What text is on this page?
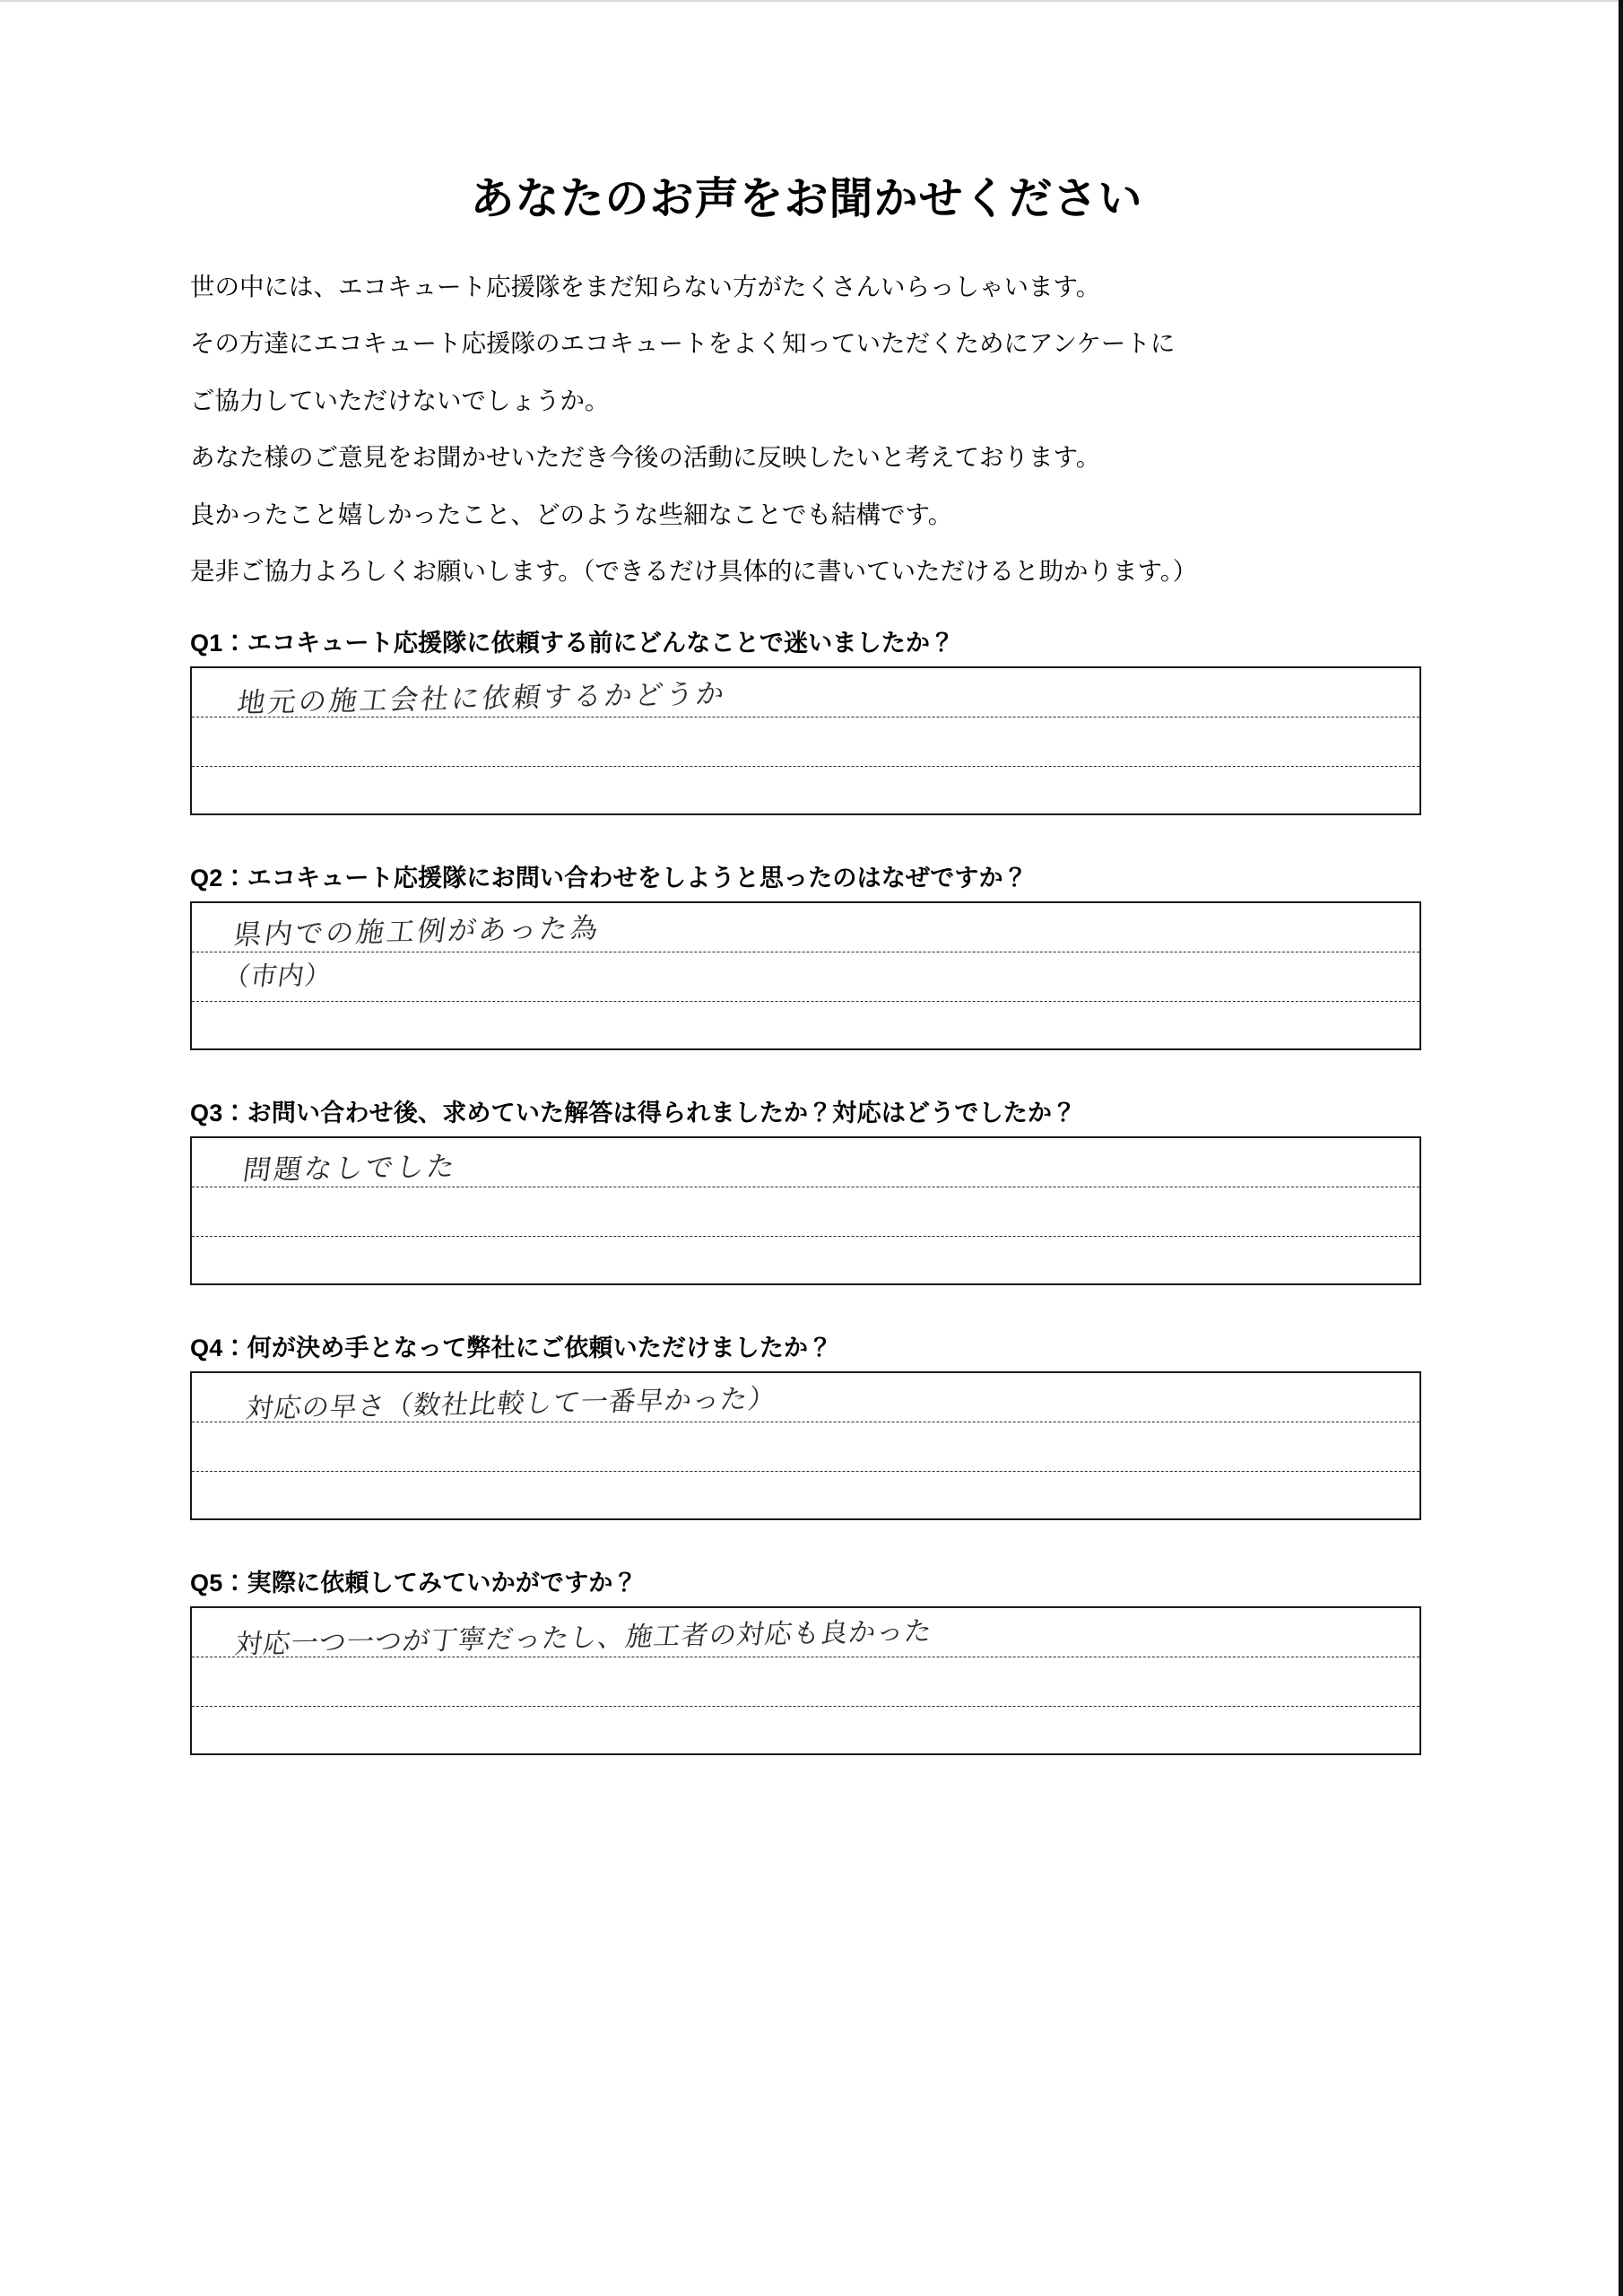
あなたのお声をお聞かせください
世の中には、エコキュート応援隊をまだ知らない方がたくさんいらっしゃいます。
その方達にエコキュート応援隊のエコキュートをよく知っていただくためにアンケートに
ご協力していただけないでしょうか。
あなた様のご意見をお聞かせいただき今後の活動に反映したいと考えております。
良かったこと嬉しかったこと、どのような些細なことでも結構です。
是非ご協力よろしくお願いします。（できるだけ具体的に書いていただけると助かります。）
Q1：エコキュート応援隊に依頼する前にどんなことで迷いましたか？
地元の施工会社に依頼するかどうか
Q2：エコキュート応援隊にお問い合わせをしようと思ったのはなぜですか？
県内での施工例があった為
（市内）
Q3：お問い合わせ後、求めていた解答は得られましたか？対応はどうでしたか？
問題なしでした
Q4：何が決め手となって弊社にご依頼いただけましたか？
対応の早さ（数社比較して一番早かった）
Q5：実際に依頼してみていかがですか？
対応一つ一つが丁寧だったし、施工者の対応も良かった
